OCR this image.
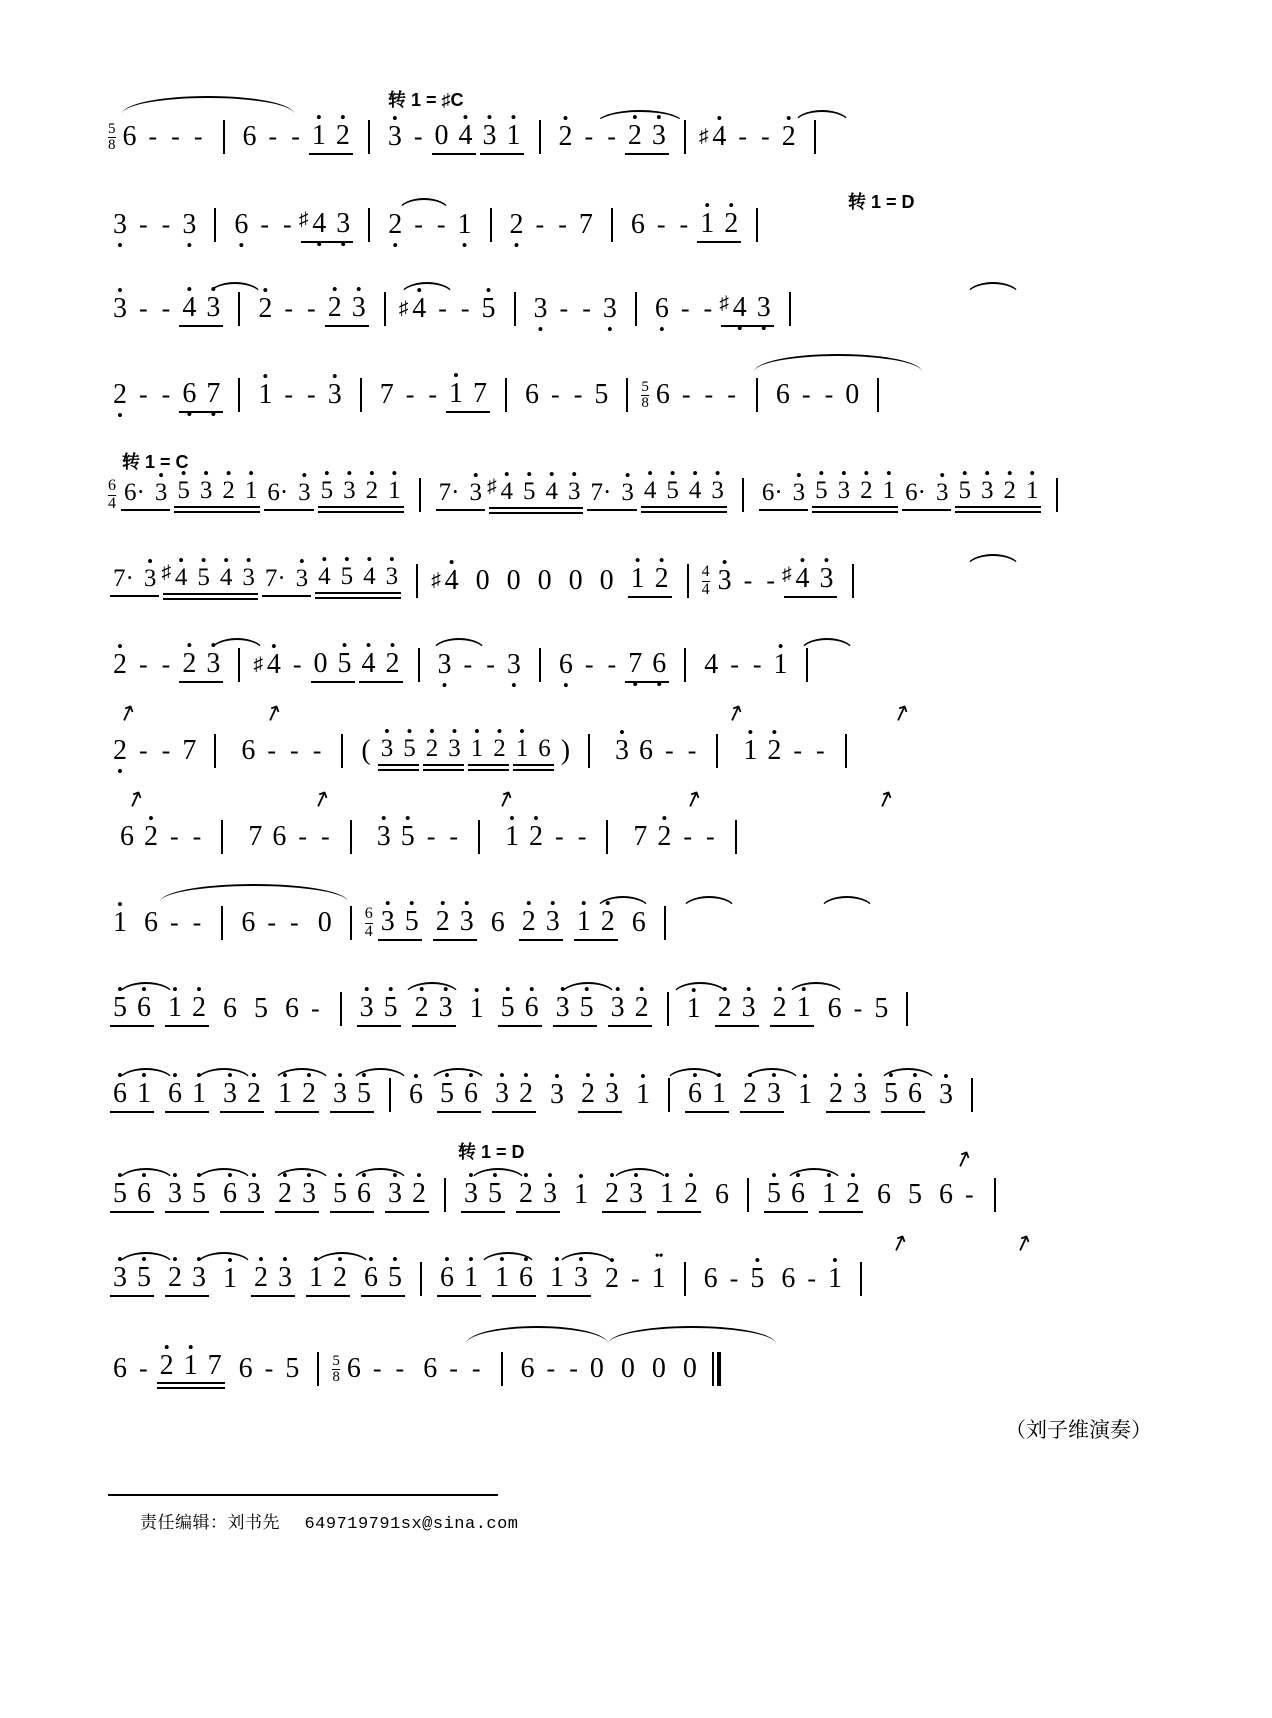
转 1 = ♯C
转 1 = D
转 1 = C
转 1 = D
5

8 6 - - - 6 - - • 1 • 2 • 3 - 0 • 4 • 3 • 1 • 2 - - • 2 • 3 ♯ • 4 - - • 2
3 • - - 3 • 6 • - - ♯ 4 • 3 • 2 • - - 1 • 2 • - - 7 6 - - • 1 • 2
• 3 - - • 4 • 3 • 2 - - • 2 • 3 ♯ • 4 - - • 5 3 • - - 3 • 6 • - - ♯ 4 • 3 •
2 • - - 6 • 7 • • 1 - - • 3 7 - - • 1 7 6 - - 5	5

8 6 - - - 6 - - 0
6
4 6· • 3 • 5 • 3 • 2 • 1 6· • 3 • 5 • 3 • 2 • 1 7· • 3 ♯ • 4 • 5 • 4 • 3 7· • 3 • 4 • 5 • 4 • 3 6· • 3 • 5 • 3 • 2 • 1 6· • 3 • 5 • 3 • 2 • 1
7· • 3 ♯ • 4 • 5 • 4 • 3 7· • 3 • 4 • 5 • 4 • 3 ♯ • 4 0 0 0 0 0 • 1 • 2	4
4 • 3 - - ♯ • 4 • 3
• 2 - - • 2 • 3 ♯ • 4 - 0 • 5 • 4 • 2 3 • - - 3 • 6 • - - 7 • 6 • 4 - - • 1
2 • - - 7 6 - - - ( • 3 • 5 • 2 • 3 • 1 • 2 • 1 6 ) • 3 6 - - • 1 • 2 - -
↗	↗	↗	↗
6 • 2 - - 7 6 - - • 3 • 5 - - • 1 • 2 - - 7 • 2 - -
↗	↗	↗	↗	↗
• 1 6 - - 6 - - 0	6
4 • 3 • 5 • 2 • 3 6 • 2 • 3 • 1 • 2 6
• 5 • 6 • 1 • 2 6 5 6 - • 3 • 5 • 2 • 3 • 1 • 5 • 6 • 3 • 5 • 3 • 2 • 1 • 2 • 3 • 2 • 1 6 - 5
• 6 • 1 • 6 • 1 • 3 • 2 • 1 • 2 • 3 • 5 • 6 • 5 • 6 • 3 • 2 • 3 • 2 • 3 • 1 • 6 • 1 • 2 • 3 • 1 • 2 • 3 • 5 • 6 • 3
• 5 • 6 • 3 • 5 • 6 • 3 • 2 • 3 • 5 • 6 • 3 • 2 • 3 • 5 • 2 • 3 • 1 • 2 • 3 • 1 • 2 6 • 5 • 6 • 1 • 2 6 5 6 -
↗
• 3 • 5 • 2 • 3 • 1 • 2 • 3 • 1 • 2 • 6 • 5 • 6 • 1 • 1 • 6 • 1 • 3 • 2 - •• 1 6 - • 5 6 - • 1
↗	↗
6 - • 2 • 1 7 6 - 5	5

8 6 - - 6 - - 6 - - 0 0 0 0
（刘子维演奏）
责任编辑：刘书先 649719791sx@sina.com
